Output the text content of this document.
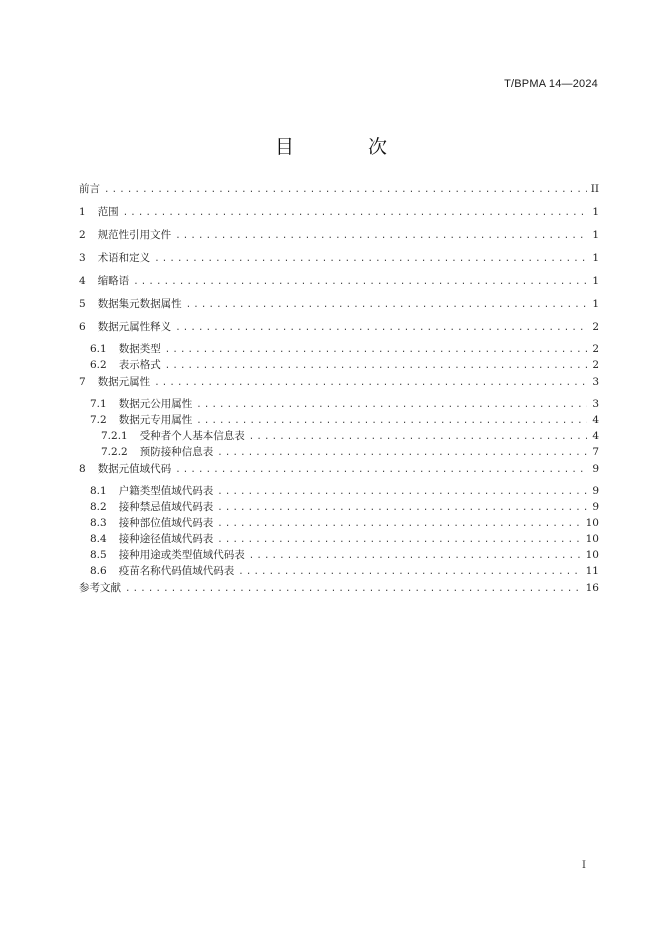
T/BPMA 14—2024
目 次
前言 .....	II
1 范围 .....	1
2 规范性引用文件 .....	1
3 术语和定义 .....	1
4 缩略语 .....	1
5 数据集元数据属性 .....	1
6 数据元属性释义 .....	2
6.1 数据类型 .....	2
6.2 表示格式 .....	2
7 数据元属性 .....	3
7.1 数据元公用属性 .....	3
7.2 数据元专用属性 .....	4
7.2.1 受种者个人基本信息表 .....	4
7.2.2 预防接种信息表 .....	7
8 数据元值域代码 .....	9
8.1 户籍类型值域代码表 .....	9
8.2 接种禁忌值域代码表 .....	9
8.3 接种部位值域代码表 .....	10
8.4 接种途径值域代码表 .....	10
8.5 接种用途或类型值域代码表 .....	10
8.6 疫苗名称代码值域代码表 .....	11
参考文献 .....	16
I
